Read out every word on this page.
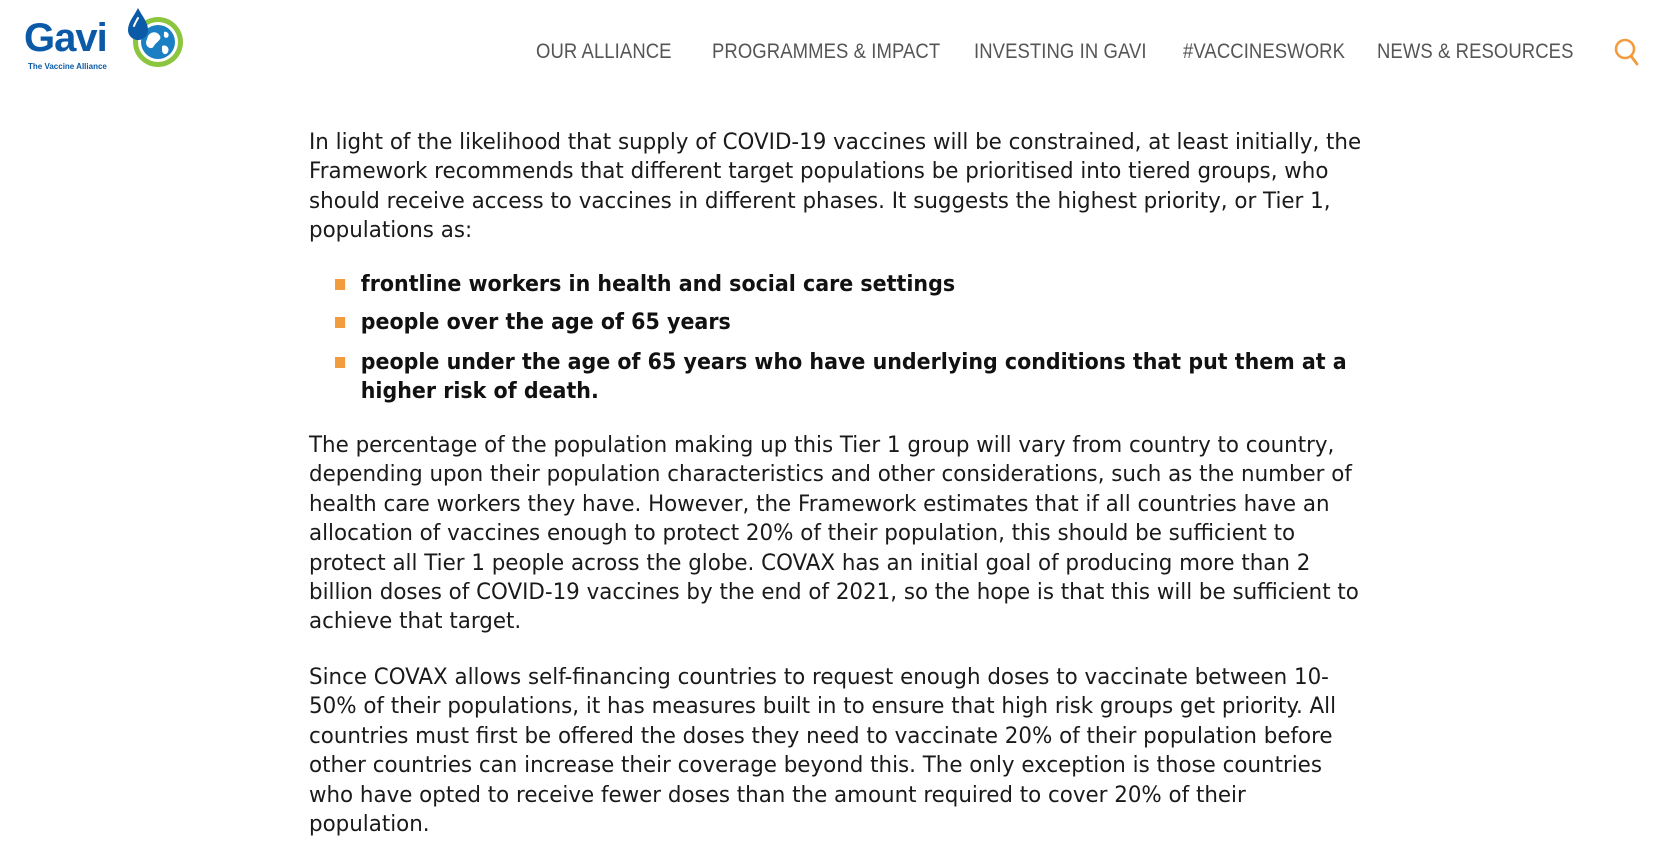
Gavi
The Vaccine Alliance
OUR ALLIANCE PROGRAMMES & IMPACT INVESTING IN GAVI #VACCINESWORK NEWS & RESOURCES

In light of the likelihood that supply of COVID-19 vaccines will be constrained, at least initially, the Framework recommends that different target populations be prioritised into tiered groups, who should receive access to vaccines in different phases. It suggests the highest priority, or Tier 1, populations as:

frontline workers in health and social care settings
people over the age of 65 years
people under the age of 65 years who have underlying conditions that put them at a higher risk of death.

The percentage of the population making up this Tier 1 group will vary from country to country, depending upon their population characteristics and other considerations, such as the number of health care workers they have. However, the Framework estimates that if all countries have an allocation of vaccines enough to protect 20% of their population, this should be sufficient to protect all Tier 1 people across the globe. COVAX has an initial goal of producing more than 2 billion doses of COVID-19 vaccines by the end of 2021, so the hope is that this will be sufficient to achieve that target.

Since COVAX allows self-financing countries to request enough doses to vaccinate between 10-50% of their populations, it has measures built in to ensure that high risk groups get priority. All countries must first be offered the doses they need to vaccinate 20% of their population before other countries can increase their coverage beyond this. The only exception is those countries who have opted to receive fewer doses than the amount required to cover 20% of their population.
